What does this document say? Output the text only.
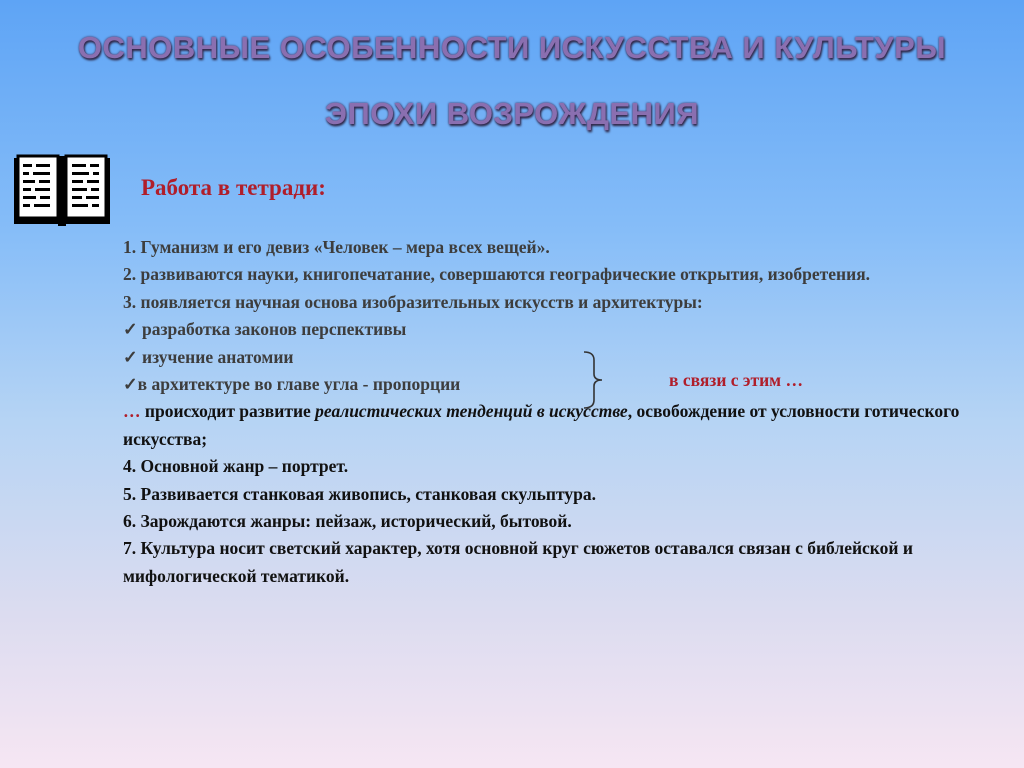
ОСНОВНЫЕ ОСОБЕННОСТИ ИСКУССТВА И КУЛЬТУРЫ
ЭПОХИ ВОЗРОЖДЕНИЯ
Работа в тетради:
1. Гуманизм и его девиз «Человек – мера всех вещей».
2. развиваются науки, книгопечатание, совершаются географические открытия, изобретения.
3. появляется научная основа изобразительных искусств и архитектуры:
✓ разработка законов перспективы
✓ изучение анатомии
✓в архитектуре во главе угла - пропорции
… происходит развитие реалистических тенденций в искусстве, освобождение от условности готического искусства;
4. Основной жанр – портрет.
5. Развивается станковая живопись, станковая скульптура.
6. Зарождаются жанры: пейзаж, исторический, бытовой.
7. Культура носит светский характер, хотя основной круг сюжетов оставался связан с библейской и мифологической тематикой.
в связи с этим …
